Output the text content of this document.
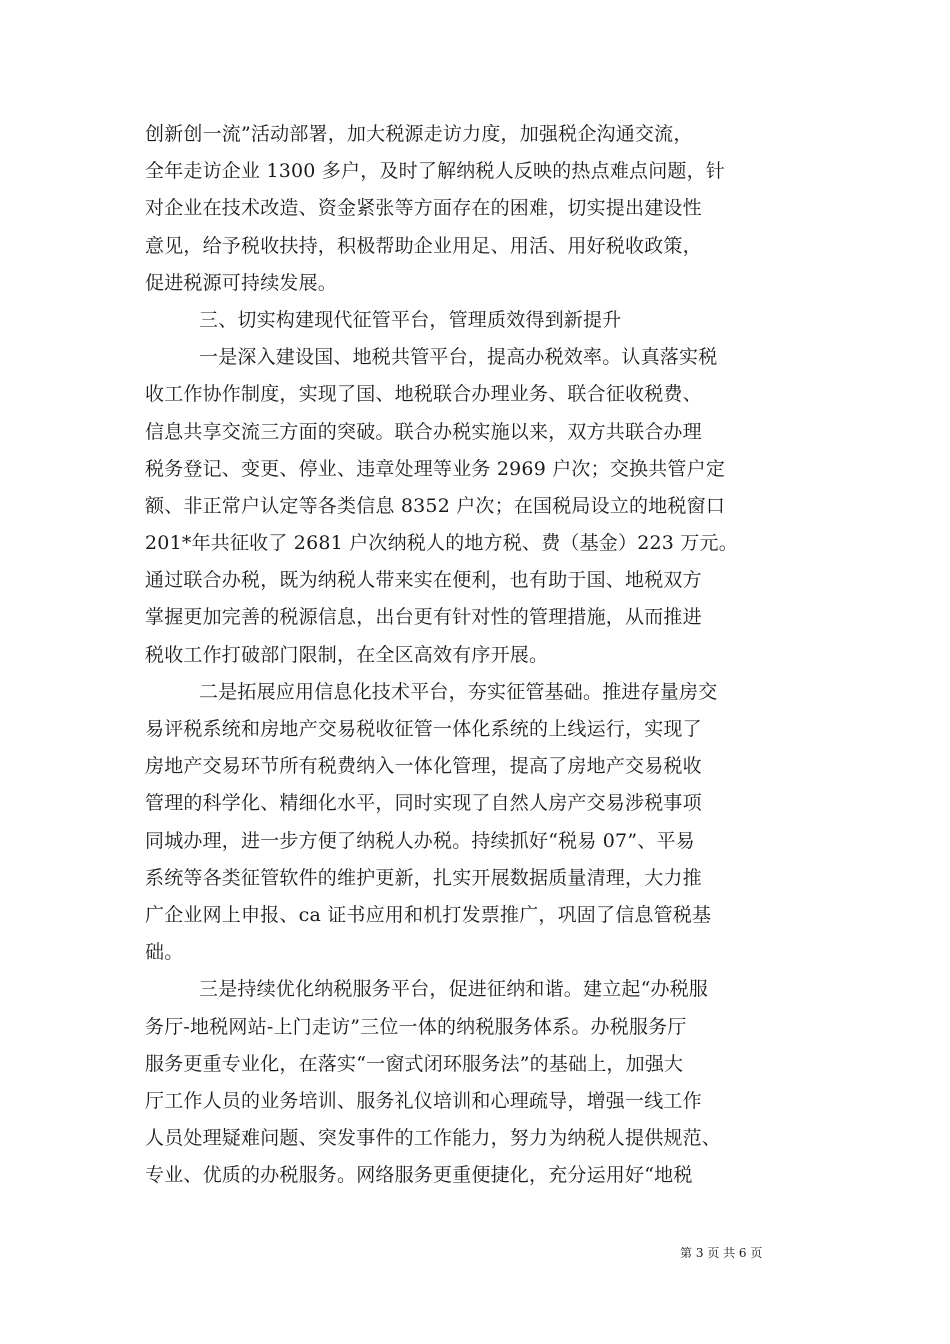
创新创一流”活动部署，加大税源走访力度，加强税企沟通交流，
全年走访企业 1300 多户，及时了解纳税人反映的热点难点问题，针
对企业在技术改造、资金紧张等方面存在的困难，切实提出建设性
意见，给予税收扶持，积极帮助企业用足、用活、用好税收政策，
促进税源可持续发展。
三、切实构建现代征管平台，管理质效得到新提升
一是深入建设国、地税共管平台，提高办税效率。认真落实税
收工作协作制度，实现了国、地税联合办理业务、联合征收税费、
信息共享交流三方面的突破。联合办税实施以来，双方共联合办理
税务登记、变更、停业、违章处理等业务 2969 户次；交换共管户定
额、非正常户认定等各类信息 8352 户次；在国税局设立的地税窗口
201*年共征收了 2681 户次纳税人的地方税、费（基金）223 万元。
通过联合办税，既为纳税人带来实在便利，也有助于国、地税双方
掌握更加完善的税源信息，出台更有针对性的管理措施，从而推进
税收工作打破部门限制，在全区高效有序开展。
二是拓展应用信息化技术平台，夯实征管基础。推进存量房交
易评税系统和房地产交易税收征管一体化系统的上线运行，实现了
房地产交易环节所有税费纳入一体化管理，提高了房地产交易税收
管理的科学化、精细化水平，同时实现了自然人房产交易涉税事项
同城办理，进一步方便了纳税人办税。持续抓好“税易 07”、平易
系统等各类征管软件的维护更新，扎实开展数据质量清理，大力推
广企业网上申报、ca 证书应用和机打发票推广，巩固了信息管税基
础。
三是持续优化纳税服务平台，促进征纳和谐。建立起“办税服
务厅-地税网站-上门走访”三位一体的纳税服务体系。办税服务厅
服务更重专业化，在落实“一窗式闭环服务法”的基础上，加强大
厅工作人员的业务培训、服务礼仪培训和心理疏导，增强一线工作
人员处理疑难问题、突发事件的工作能力，努力为纳税人提供规范、
专业、优质的办税服务。网络服务更重便捷化，充分运用好“地税
第 3 页 共 6 页
